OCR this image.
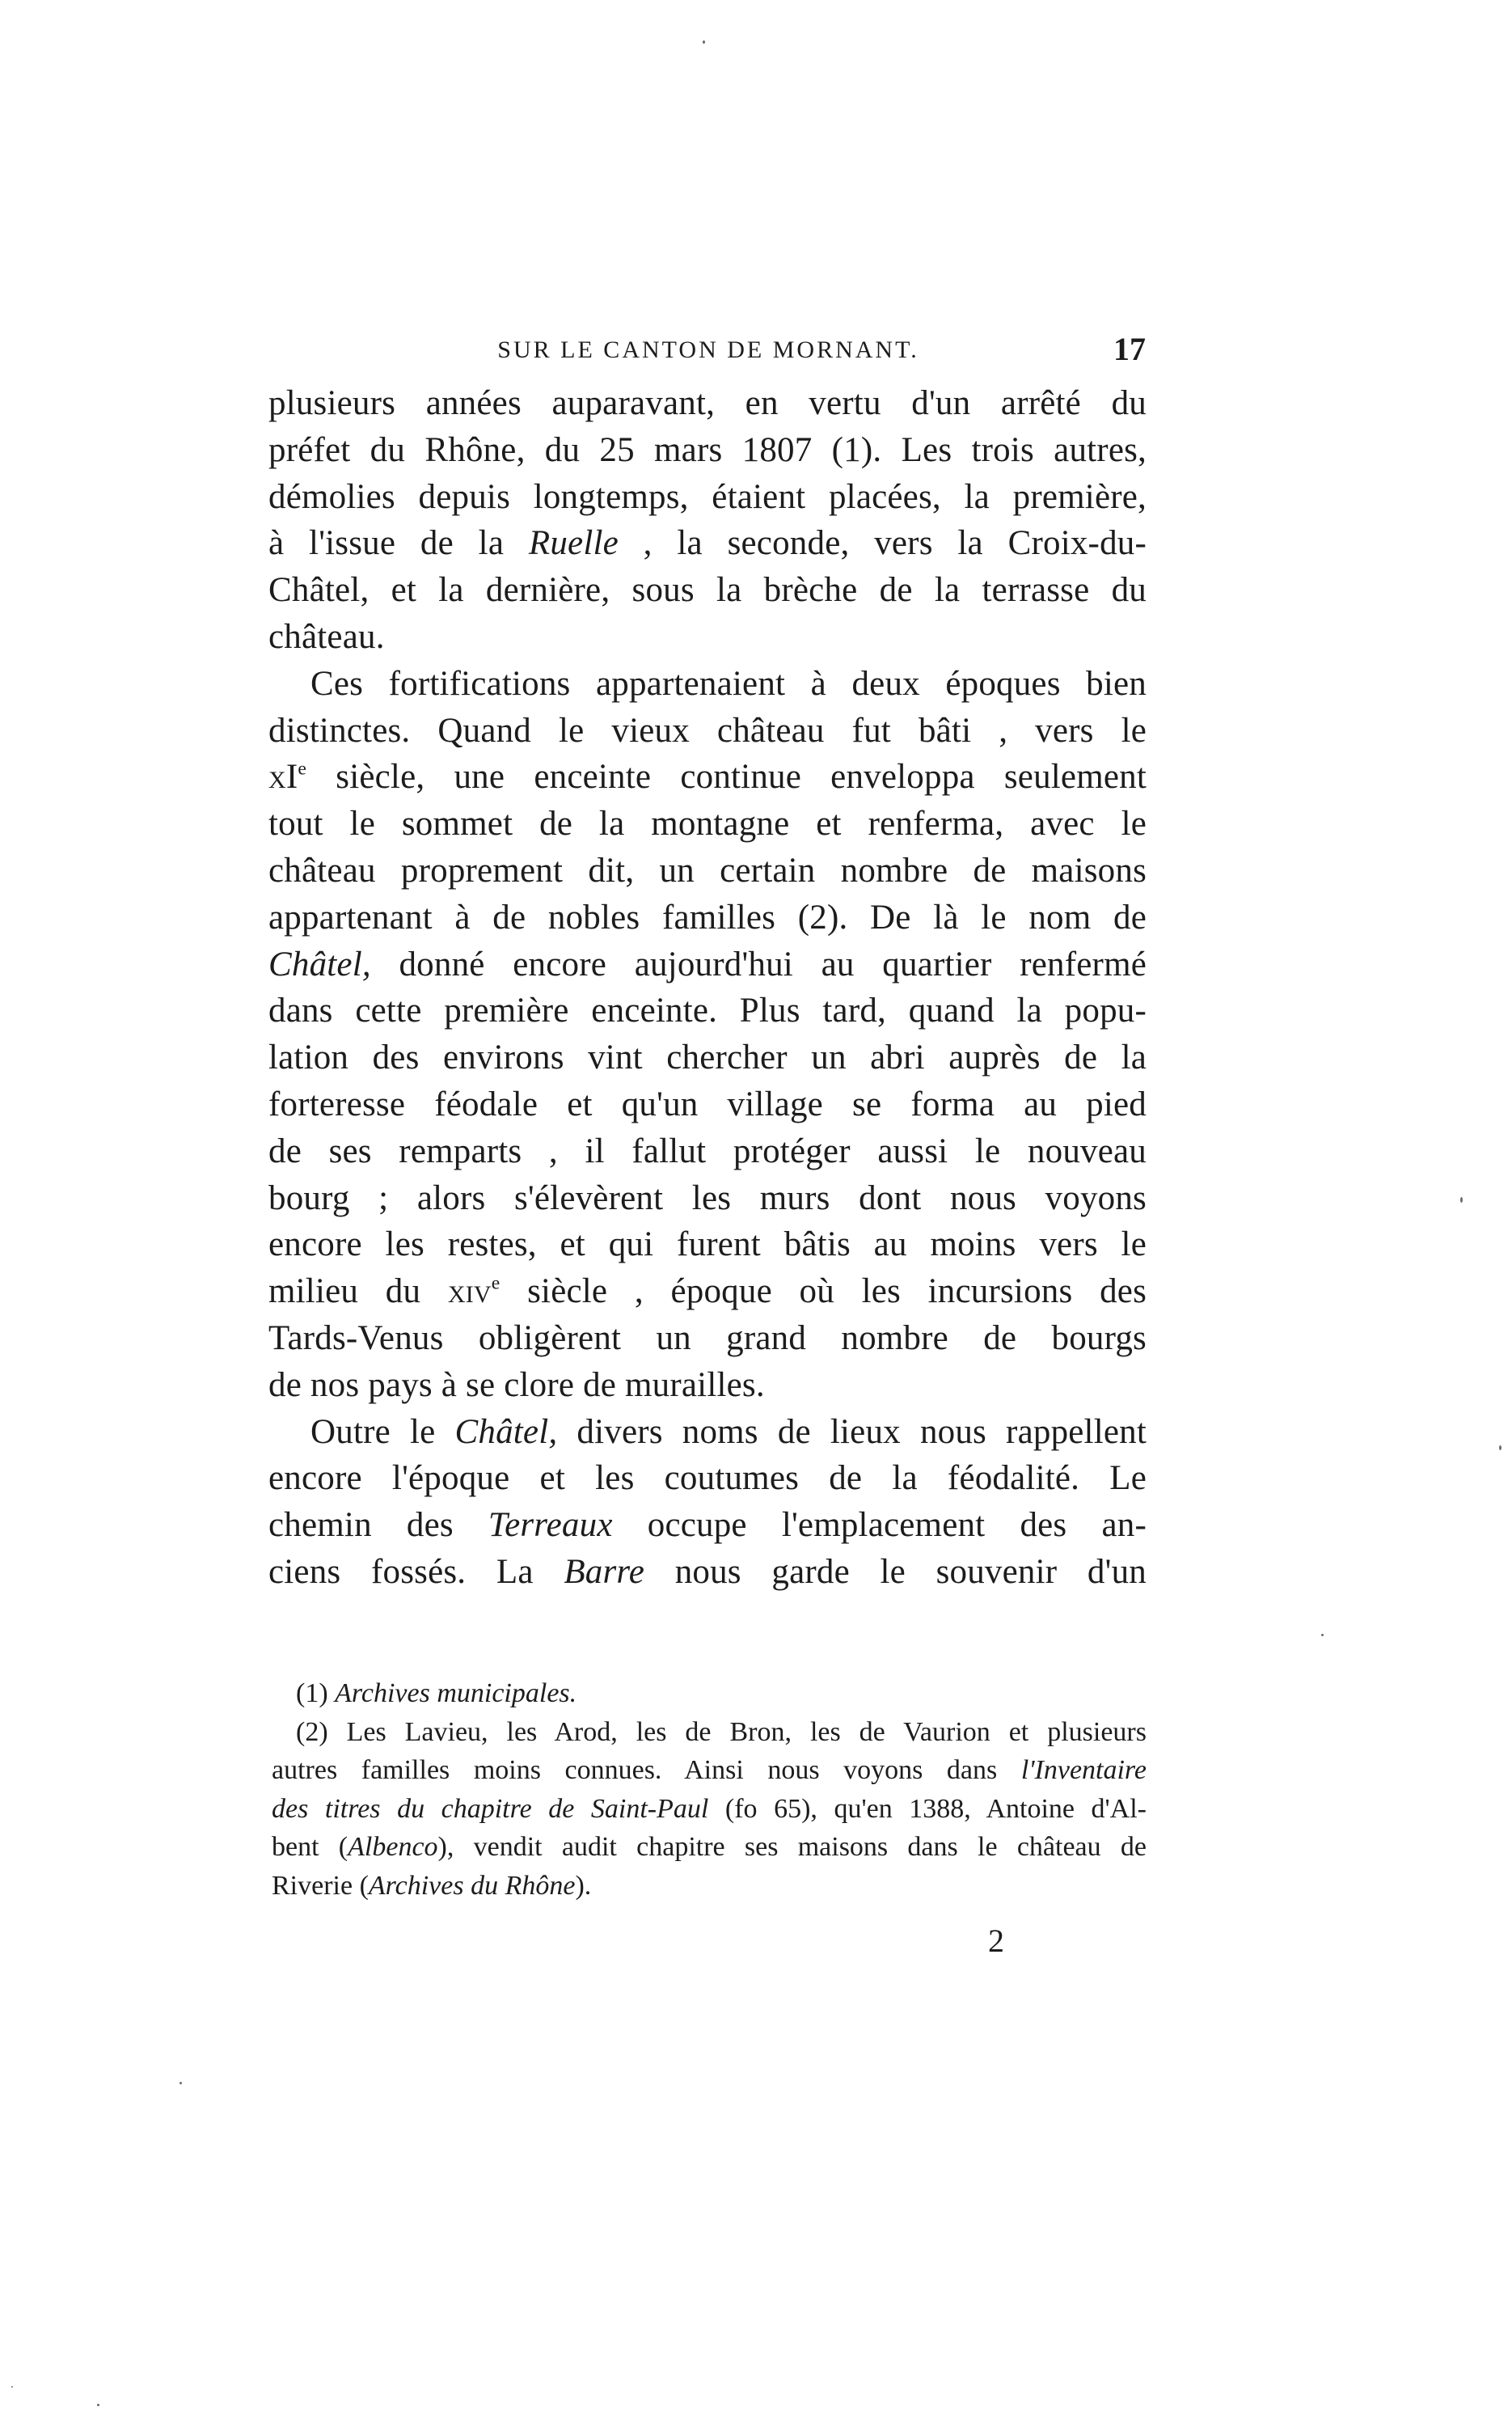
SUR LE CANTON DE MORNANT.	17
plusieurs années auparavant, en vertu d'un arrêté du
préfet du Rhône, du 25 mars 1807 (1). Les trois autres,
démolies depuis longtemps, étaient placées, la première,
à l'issue de la Ruelle , la seconde, vers la Croix-du-
Châtel, et la dernière, sous la brèche de la terrasse du
château.
Ces fortifications appartenaient à deux époques bien
distinctes. Quand le vieux château fut bâti , vers le
$xI^e$ siècle, une enceinte continue enveloppa seulement
tout le sommet de la montagne et renferma, avec le
château proprement dit, un certain nombre de maisons
appartenant à de nobles familles (2). De là le nom de
Châtel, donné encore aujourd'hui au quartier renfermé
dans cette première enceinte. Plus tard, quand la popu-
lation des environs vint chercher un abri auprès de la
forteresse féodale et qu'un village se forma au pied
de ses remparts , il fallut protéger aussi le nouveau
bourg ; alors s'élevèrent les murs dont nous voyons
encore les restes, et qui furent bâtis au moins vers le
milieu du xiv$^e$ siècle , époque où les incursions des
Tards-Venus obligèrent un grand nombre de bourgs
de nos pays à se clore de murailles.
Outre le Châtel, divers noms de lieux nous rappellent
encore l'époque et les coutumes de la féodalité. Le
chemin des Terreaux occupe l'emplacement des an-
ciens fossés. La Barre nous garde le souvenir d'un
(1) Archives municipales.
(2) Les Lavieu, les Arod, les de Bron, les de Vaurion et plusieurs
autres familles moins connues. Ainsi nous voyons dans l'Inventaire
des titres du chapitre de Saint-Paul (fo 65), qu'en 1388, Antoine d'Al-
bent (Albenco), vendit audit chapitre ses maisons dans le château de
Riverie (Archives du Rhône).
2
